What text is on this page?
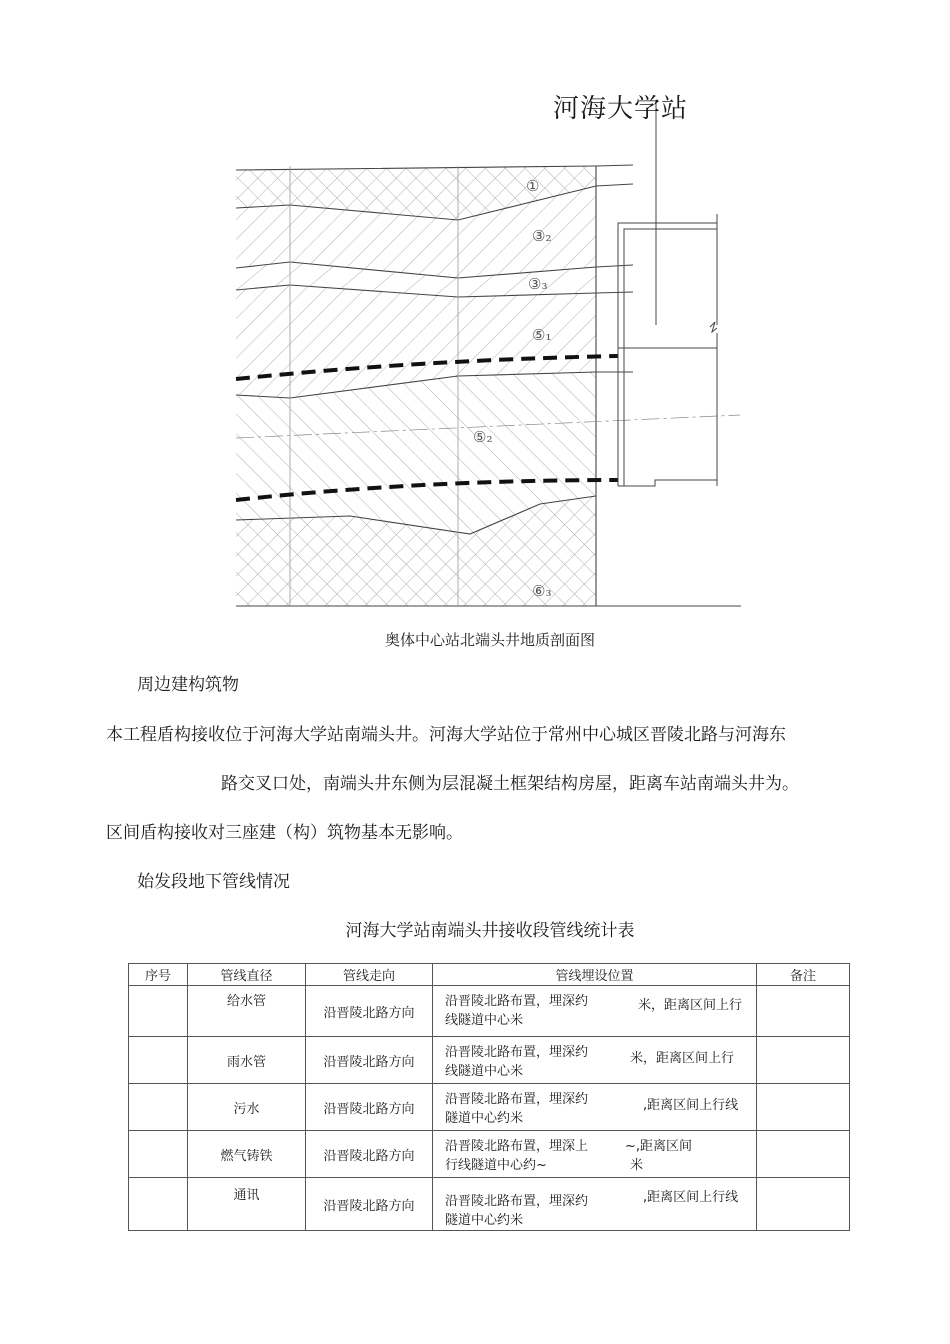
①
③₂
③₃
⑤₁
⑤₂
⑥₃
河海大学站
奥体中心站北端头井地质剖面图
周边建构筑物
本工程盾构接收位于河海大学站南端头井。河海大学站位于常州中心城区晋陵北路与河海东
路交叉口处，南端头井东侧为层混凝土框架结构房屋，距离车站南端头井为。
区间盾构接收对三座建（构）筑物基本无影响。
始发段地下管线情况
河海大学站南端头井接收段管线统计表
序号	管线直径	管线走向	管线埋设位置	备注
	给水管	沿晋陵北路方向	沿晋陵北路布置，埋深约 米，距离区间上行
线隧道中心米	

	雨水管	沿晋陵北路方向	沿晋陵北路布置，埋深约 米，距离区间上行
线隧道中心米	

	污水	沿晋陵北路方向	沿晋陵北路布置，埋深约 ,距离区间上行线
隧道中心约米	

	燃气铸铁	沿晋陵北路方向	沿晋陵北路布置，埋深上 ~,距离区间
行线隧道中心约~ 米	

	通讯	沿晋陵北路方向	沿晋陵北路布置，埋深约 ,距离区间上行线
隧道中心约米	
